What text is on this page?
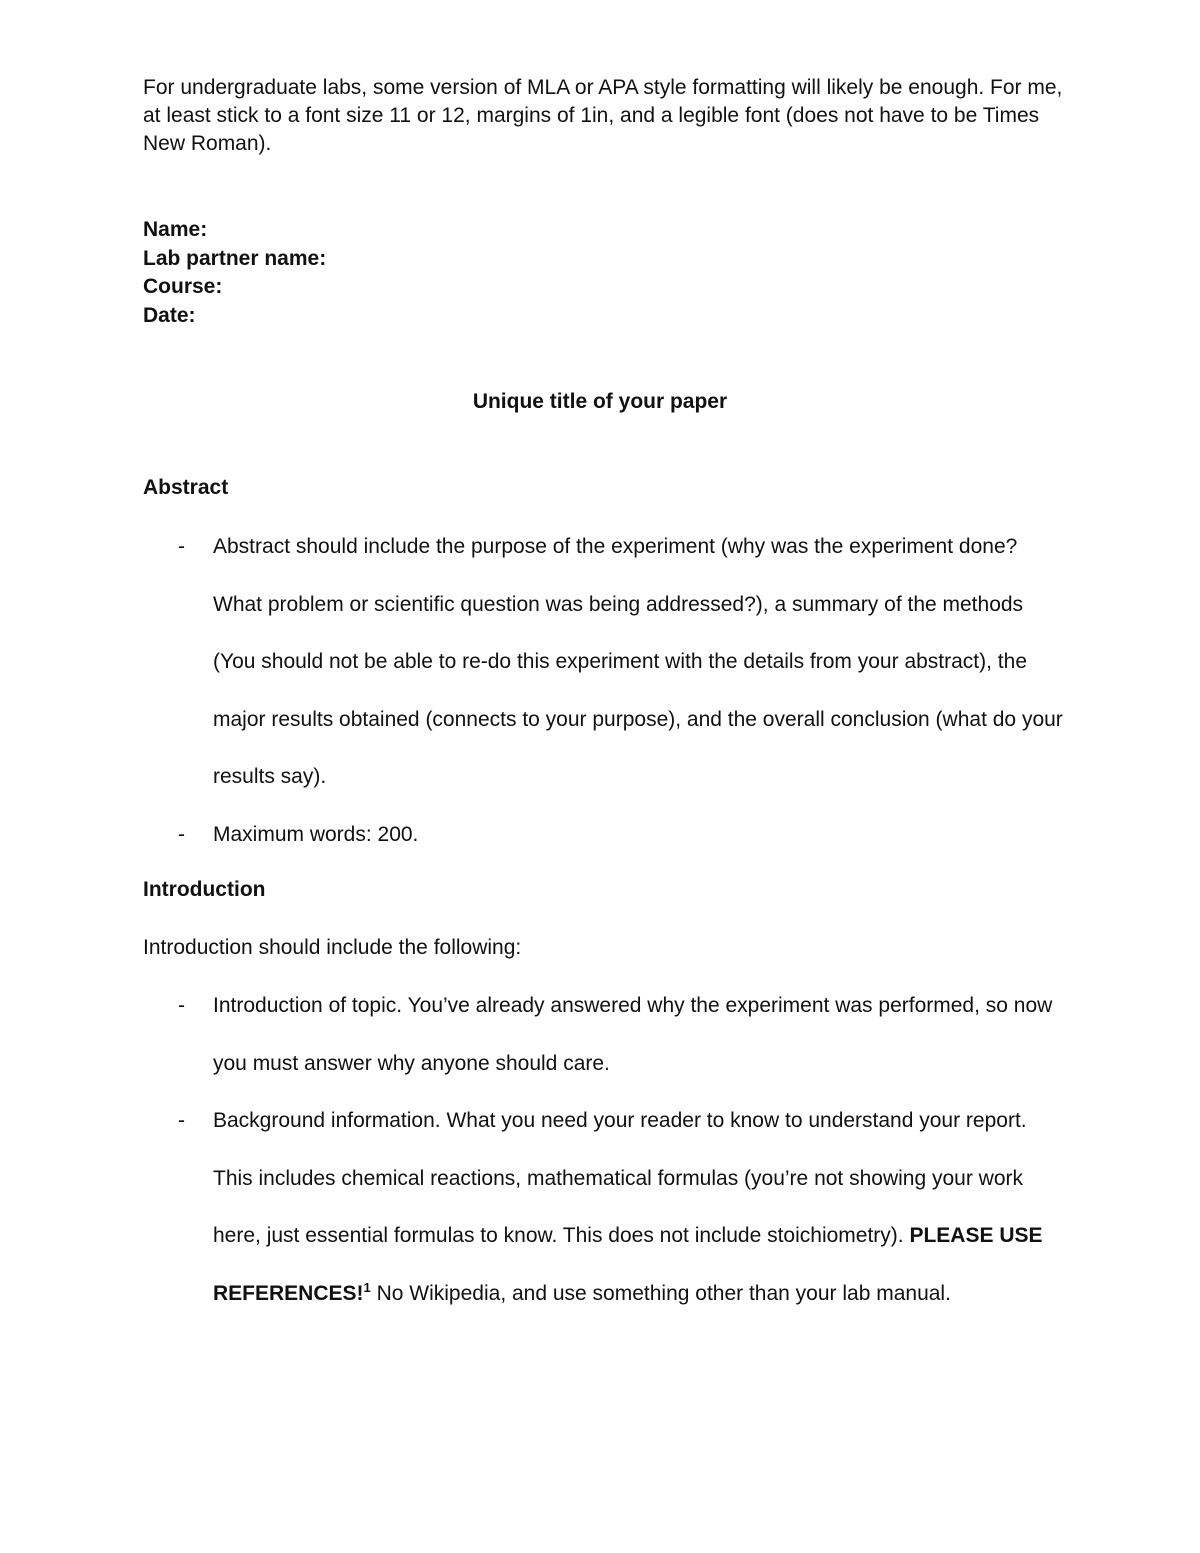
For undergraduate labs, some version of MLA or APA style formatting will likely be enough. For me, at least stick to a font size 11 or 12, margins of 1in, and a legible font (does not have to be Times New Roman).

Name:
Lab partner name:
Course:
Date:
Unique title of your paper
Abstract
- Abstract should include the purpose of the experiment (why was the experiment done? What problem or scientific question was being addressed?), a summary of the methods (You should not be able to re-do this experiment with the details from your abstract), the major results obtained (connects to your purpose), and the overall conclusion (what do your results say).
- Maximum words: 200.
Introduction

Introduction should include the following:

- Introduction of topic. You’ve already answered why the experiment was performed, so now you must answer why anyone should care.
- Background information. What you need your reader to know to understand your report. This includes chemical reactions, mathematical formulas (you’re not showing your work here, just essential formulas to know. This does not include stoichiometry). PLEASE USE REFERENCES!$^1$ No Wikipedia, and use something other than your lab manual.
